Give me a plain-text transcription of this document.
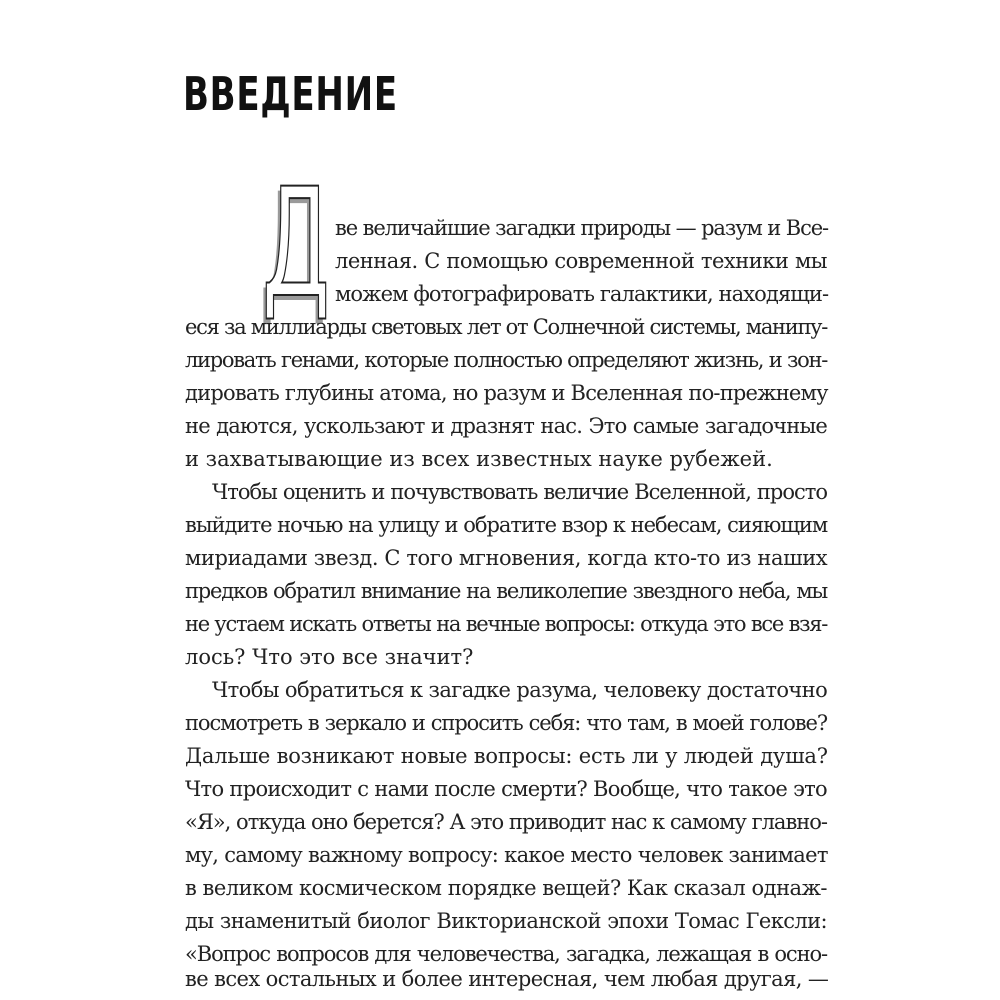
ВВЕДЕНИЕ
Д ве величайшие загадки природы — разум и Все-

ленная. С помощью современной техники мы

можем фотографировать галактики, находящи-

еся за миллиарды световых лет от Солнечной системы, манипу-

лировать генами, которые полностью определяют жизнь, и зон-

дировать глубины атома, но разум и Вселенная по-прежнему

не даются, ускользают и дразнят нас. Это самые загадочные

и захватывающие из всех известных науке рубежей.

Чтобы оценить и почувствовать величие Вселенной, просто

выйдите ночью на улицу и обратите взор к небесам, сияющим

мириадами звезд. С того мгновения, когда кто-то из наших

предков обратил внимание на великолепие звездного неба, мы

не устаем искать ответы на вечные вопросы: откуда это все взя-

лось? Что это все значит?

Чтобы обратиться к загадке разума, человеку достаточно

посмотреть в зеркало и спросить себя: что там, в моей голове?

Дальше возникают новые вопросы: есть ли у людей душа?

Что происходит с нами после смерти? Вообще, что такое это

«Я», откуда оно берется? А это приводит нас к самому главно-

му, самому важному вопросу: какое место человек занимает

в великом космическом порядке вещей? Как сказал однаж-

ды знаменитый биолог Викторианской эпохи Томас Гексли:

«Вопрос вопросов для человечества, загадка, лежащая в осно-

ве всех остальных и более интересная, чем любая другая, —
